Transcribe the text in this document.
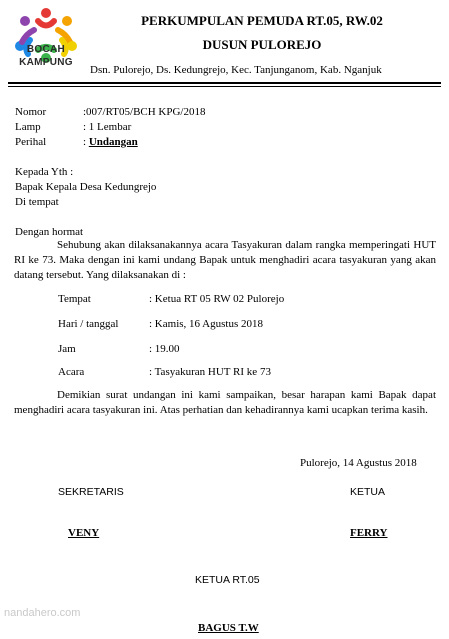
BOCAH
KAMPUNG
PERKUMPULAN PEMUDA RT.05, RW.02
DUSUN PULOREJO
Dsn. Pulorejo, Ds. Kedungrejo, Kec. Tanjunganom, Kab. Nganjuk
Nomor	:007/RT05/BCH KPG/2018
Lamp	: 1 Lembar
Perihal	: Undangan
Kepada Yth :
Bapak Kepala Desa Kedungrejo
Di tempat
Dengan hormat
Sehubung akan dilaksanakannya acara Tasyakuran dalam rangka memperingati HUT RI ke 73. Maka dengan ini kami undang Bapak untuk menghadiri acara tasyakuran yang akan datang tersebut. Yang dilaksanakan di :
Tempat	: Ketua RT 05 RW 02 Pulorejo
Hari / tanggal	: Kamis, 16 Agustus 2018
Jam	: 19.00
Acara	: Tasyakuran HUT RI ke 73
Demikian surat undangan ini kami sampaikan, besar harapan kami Bapak dapat menghadiri acara tasyakuran ini. Atas perhatian dan kehadirannya kami ucapkan terima kasih.
Pulorejo, 14 Agustus 2018
SEKRETARIS	KETUA
VENY	FERRY
KETUA RT.05
BAGUS T.W
nandahero.com
